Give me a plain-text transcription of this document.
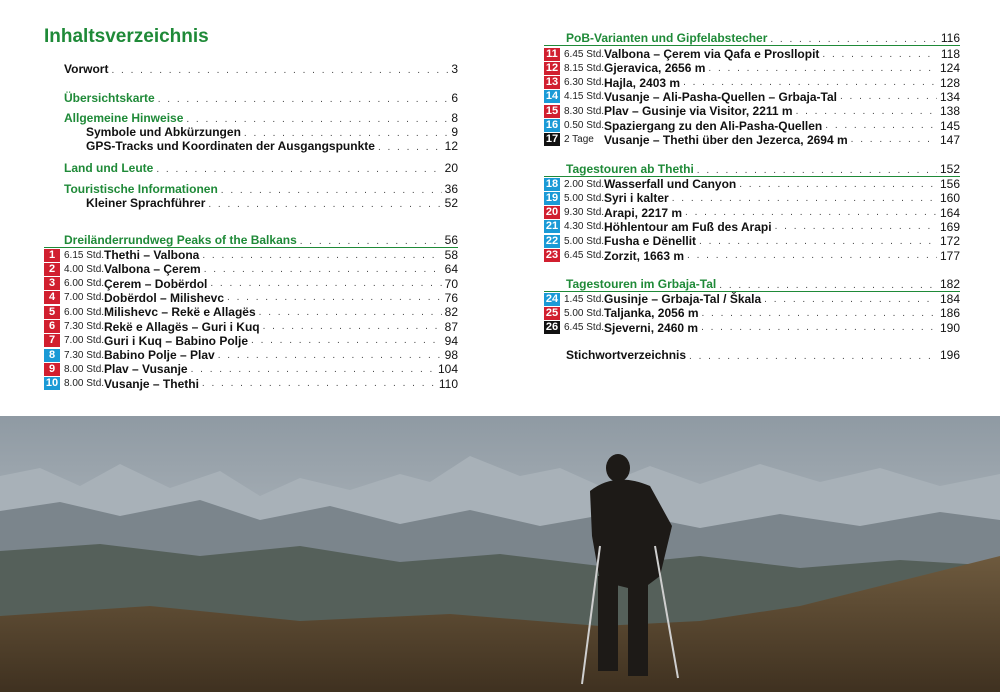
Inhaltsverzeichnis
Vorwort . . .	3
Übersichtskarte . . .	6
Allgemeine Hinweise . . .	8
Symbole und Abkürzungen . . .	9
GPS-Tracks und Koordinaten der Ausgangspunkte . . .	12
Land und Leute . . .	20
Touristische Informationen . . .	36
Kleiner Sprachführer . . .	52
Dreiländerrundweg Peaks of the Balkans . . .	56
1 6.15 Std. Thethi – Valbona . . .	58
2 4.00 Std. Valbona – Çerem . . .	64
3 6.00 Std. Çerem – Dobërdol . . .	70
4 7.00 Std. Dobërdol – Milishevc . . .	76
5 6.00 Std. Milishevc – Rekë e Allagës . . .	82
6 7.30 Std. Rekë e Allagës – Guri i Kuq . . .	87
7 7.00 Std. Guri i Kuq – Babino Polje . . .	94
8 7.30 Std. Babino Polje – Plav . . .	98
9 8.00 Std. Plav – Vusanje . . .	104
10 8.00 Std. Vusanje – Thethi . . .	110
PoB-Varianten und Gipfelabstecher . . .	116
11 6.45 Std. Valbona – Çerem via Qafa e Prosllopit . . .	118
12 8.15 Std. Gjeravica, 2656 m . . .	124
13 6.30 Std. Hajla, 2403 m . . .	128
14 4.15 Std. Vusanje – Ali-Pasha-Quellen – Grbaja-Tal . . .	134
15 8.30 Std. Plav – Gusinje via Visitor, 2211 m . . .	138
16 0.50 Std. Spaziergang zu den Ali-Pasha-Quellen . . .	145
17 2 Tage Vusanje – Thethi über den Jezerca, 2694 m . . .	147
Tagestouren ab Thethi . . .	152
18 2.00 Std. Wasserfall und Canyon . . .	156
19 5.00 Std. Syri i kalter . . .	160
20 9.30 Std. Arapi, 2217 m . . .	164
21 4.30 Std. Höhlentour am Fuß des Arapi . . .	169
22 5.00 Std. Fusha e Dënellit . . .	172
23 6.45 Std. Zorzit, 1663 m . . .	177
Tagestouren im Grbaja-Tal . . .	182
24 1.45 Std. Gusinje – Grbaja-Tal / Škala . . .	184
25 5.00 Std. Taljanka, 2056 m . . .	186
26 6.45 Std. Sjeverni, 2460 m . . .	190
Stichwortverzeichnis . . .	196
